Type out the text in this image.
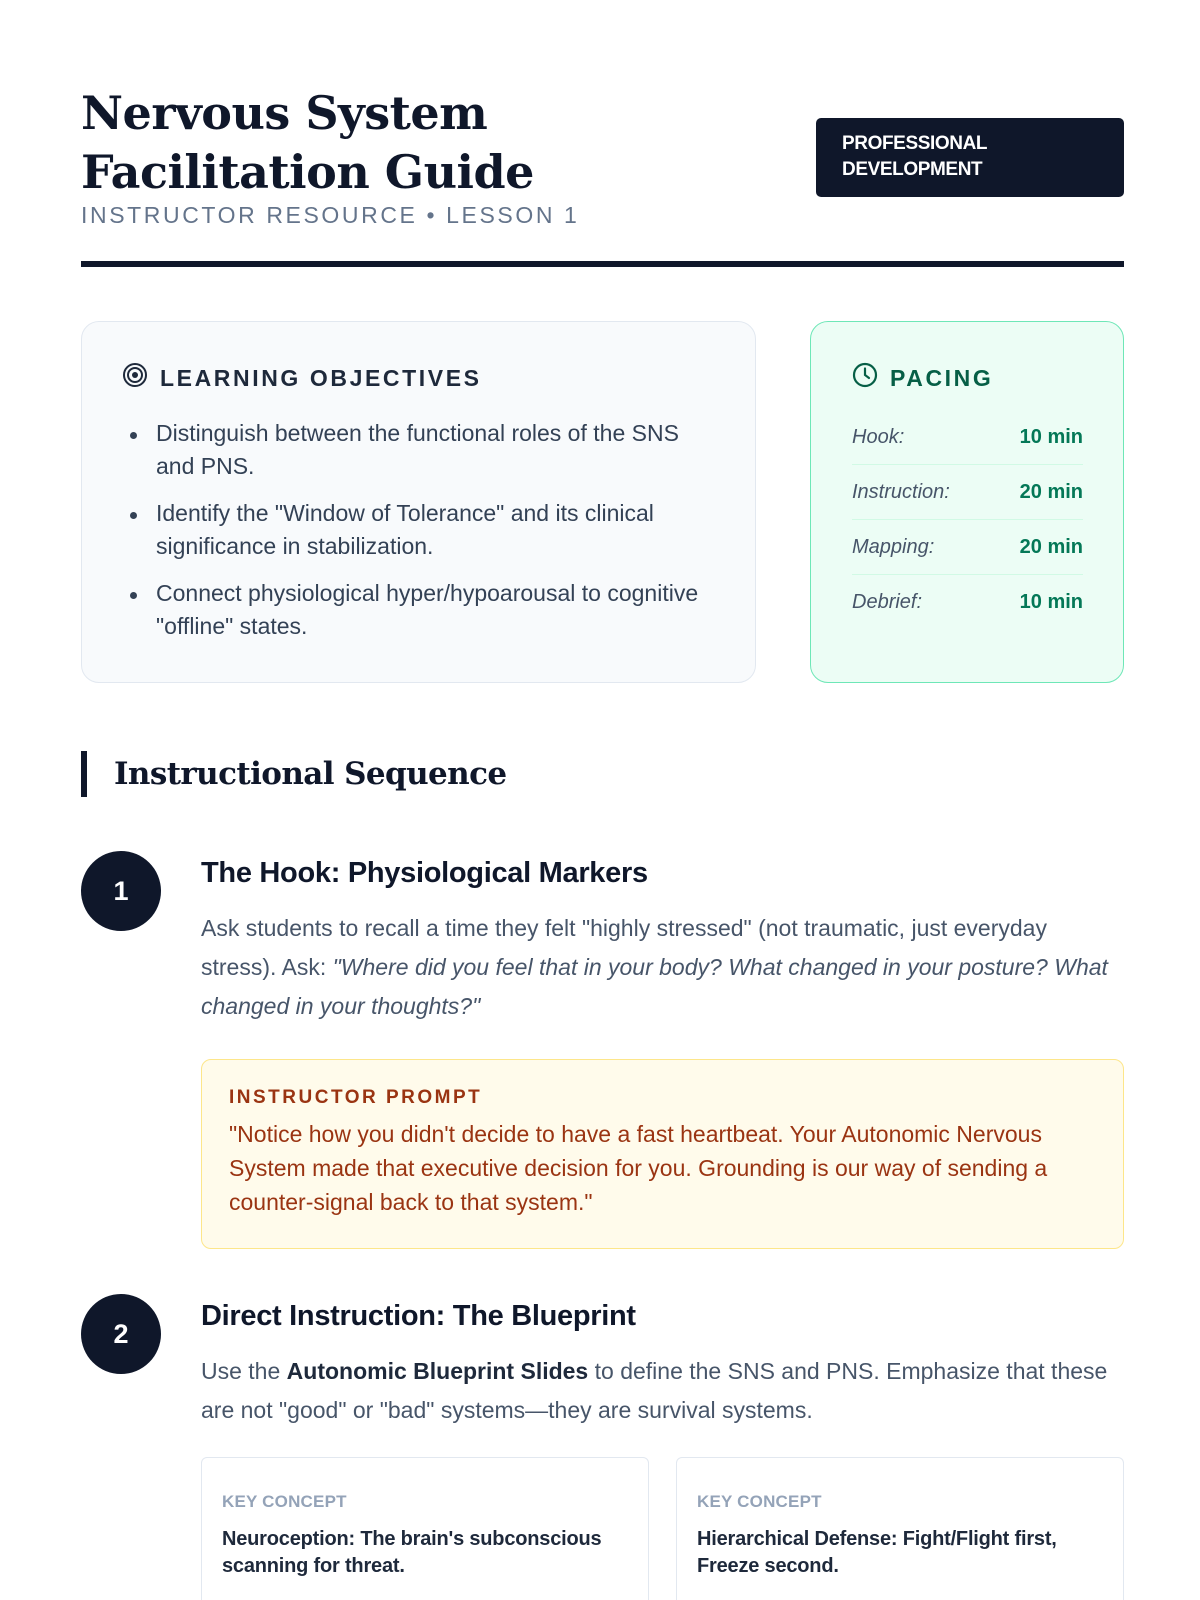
Nervous System Facilitation Guide
INSTRUCTOR RESOURCE • LESSON 1
PROFESSIONAL DEVELOPMENT
LEARNING OBJECTIVES
Distinguish between the functional roles of the SNS and PNS.
Identify the "Window of Tolerance" and its clinical significance in stabilization.
Connect physiological hyper/hypoarousal to cognitive "offline" states.
PACING
Hook:	10 min
Instruction:	20 min
Mapping:	20 min
Debrief:	10 min
Instructional Sequence
1
The Hook: Physiological Markers

Ask students to recall a time they felt "highly stressed" (not traumatic, just everyday stress). Ask: "Where did you feel that in your body? What changed in your posture? What changed in your thoughts?"

INSTRUCTOR PROMPT
"Notice how you didn't decide to have a fast heartbeat. Your Autonomic Nervous System made that executive decision for you. Grounding is our way of sending a counter-signal back to that system."
2
Direct Instruction: The Blueprint

Use the Autonomic Blueprint Slides to define the SNS and PNS. Emphasize that these are not "good" or "bad" systems—they are survival systems.

KEY CONCEPT
Neuroception: The brain's subconscious scanning for threat.
KEY CONCEPT
Hierarchical Defense: Fight/Flight first, Freeze second.
